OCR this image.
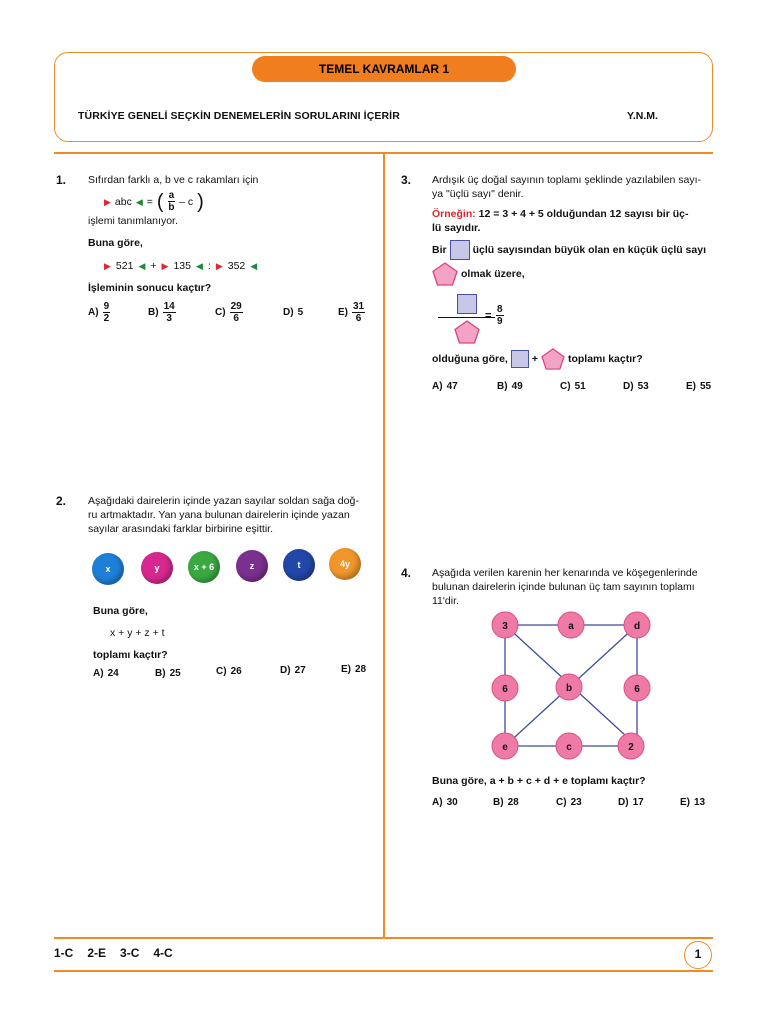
TEMEL KAVRAMLAR 1
TÜRKİYE GENELİ SEÇKİN DENEMELERİN SORULARINI İÇERİR	Y.N.M.
1. Sıfırdan farklı a, b ve c rakamları için
▶ abc ◀ = ( $\frac{a}{b}$ – c )
işlemi tanımlanıyor.
Buna göre,
▶ 521 ◀ + ▶ 135 ◀ : ▶ 352 ◀
İşleminin sonucu kaçtır?
$A) \frac{9}{2}$	$B) \frac{14}{3}$	$C) \frac{29}{6}$	D) 5	$E) \frac{31}{6}$
2. Aşağıdaki dairelerin içinde yazan sayılar soldan sağa doğ-
ru artmaktadır. Yan yana bulunan dairelerin içinde yazan
sayılar arasındaki farklar birbirine eşittir.
x	y	x + 6	z	t	4y
Buna göre,
x + y + z + t
toplamı kaçtır?
A) 24	B) 25	C) 26	D) 27	E) 28
3. Ardışık üç doğal sayının toplamı şeklinde yazılabilen sayı-
ya "üçlü sayı" denir.
Örneğin: 12 = 3 + 4 + 5 olduğundan 12 sayısı bir üç-
lü sayıdır.
Bir üçlü sayısından büyük olan en küçük üçlü sayı
olmak üzere,
= $\frac{8}{9}$
olduğuna göre, +	toplamı kaçtır?
A) 47	B) 49	C) 51	D) 53	E) 55
4. Aşağıda verilen karenin her kenarında ve köşegenlerinde
bulunan dairelerin içinde bulunan üç tam sayının toplamı
11'dir.
3	a	d
6	b	6
e	c	2
Buna göre, a + b + c + d + e toplamı kaçtır?
A) 30	B) 28	C) 23	D) 17	E) 13
1-C 2-E 3-C 4-C	1
